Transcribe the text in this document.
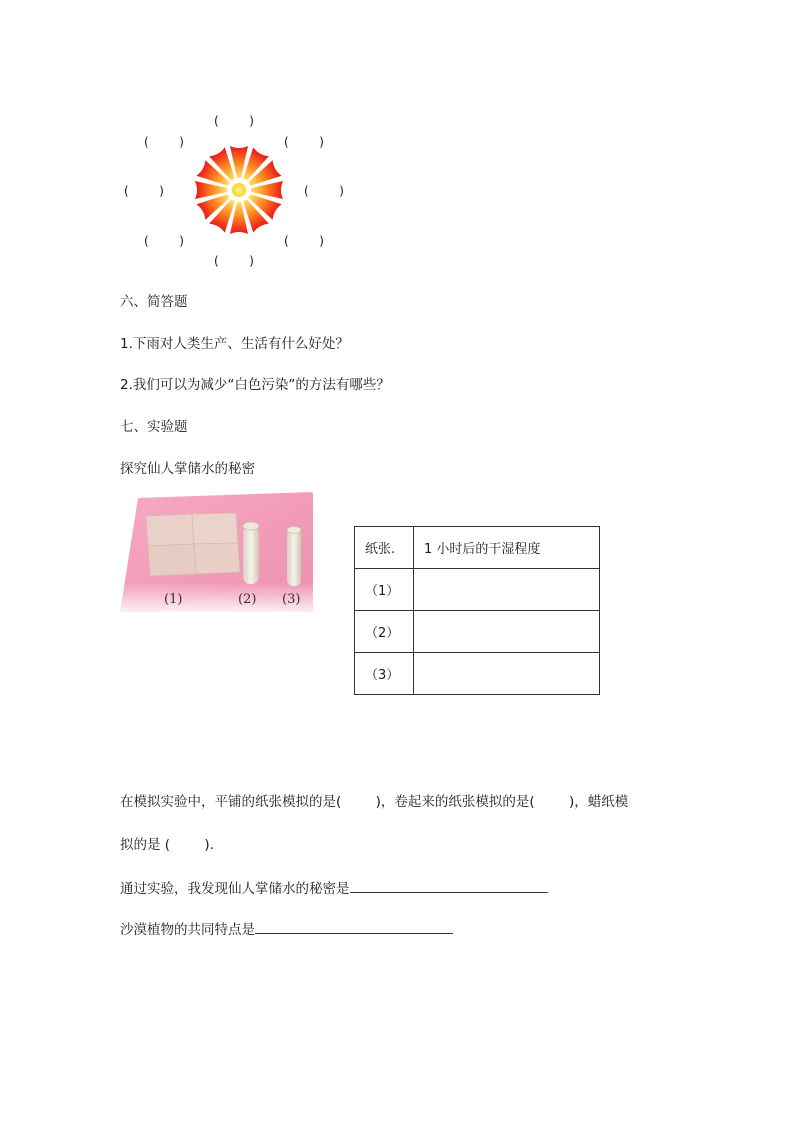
(        )
(        )	(        )
(        )	(        )
(        )	(        )
(        )
六、简答题
1.下雨对人类生产、生活有什么好处？
2.我们可以为减少“白色污染”的方法有哪些？
七、实验题
探究仙人掌储水的秘密
(1)	(2) (3)
纸张.	1 小时后的干湿程度
（1）	
（2）	
（3）	
在模拟实验中，平铺的纸张模拟的是(        )，卷起来的纸张模拟的是(        )，蜡纸模
拟的是 (        ).
通过实验，我发现仙人掌储水的秘密是
沙漠植物的共同特点是
